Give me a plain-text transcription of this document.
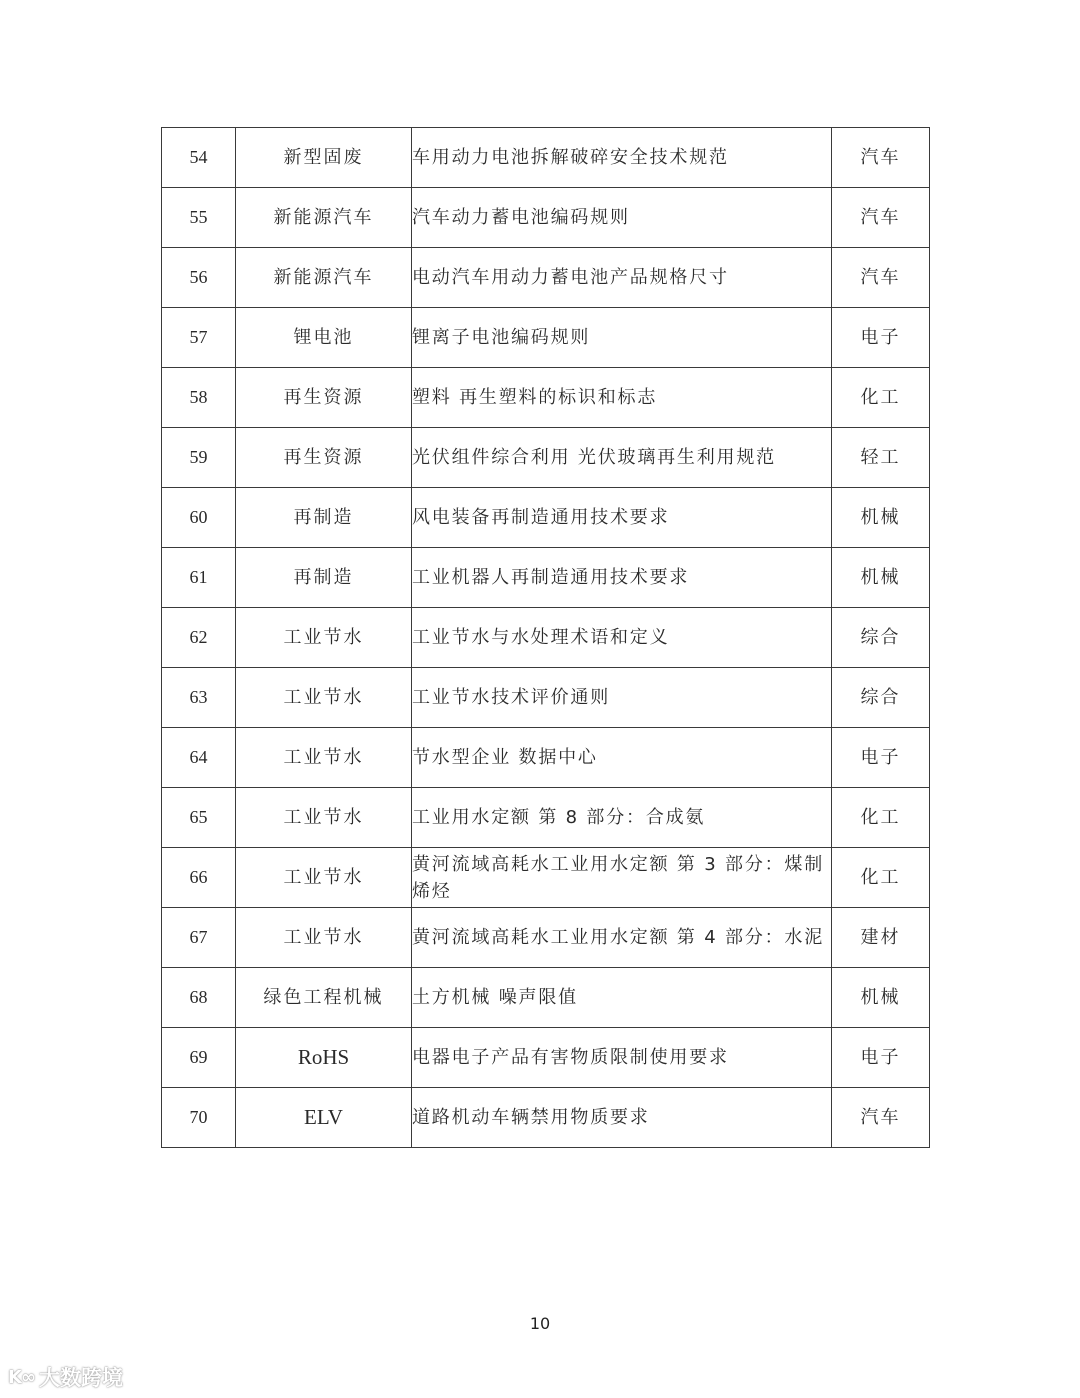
54	新型固废	车用动力电池拆解破碎安全技术规范	汽车
55	新能源汽车	汽车动力蓄电池编码规则	汽车
56	新能源汽车	电动汽车用动力蓄电池产品规格尺寸	汽车
57	锂电池	锂离子电池编码规则	电子
58	再生资源	塑料 再生塑料的标识和标志	化工
59	再生资源	光伏组件综合利用 光伏玻璃再生利用规范	轻工
60	再制造	风电装备再制造通用技术要求	机械
61	再制造	工业机器人再制造通用技术要求	机械
62	工业节水	工业节水与水处理术语和定义	综合
63	工业节水	工业节水技术评价通则	综合
64	工业节水	节水型企业 数据中心	电子
65	工业节水	工业用水定额 第 8 部分：合成氨	化工
66	工业节水	黄河流域高耗水工业用水定额 第 3 部分：煤制烯烃	化工
67	工业节水	黄河流域高耗水工业用水定额 第 4 部分：水泥	建材
68	绿色工程机械	土方机械 噪声限值	机械
69	RoHS	电器电子产品有害物质限制使用要求	电子
70	ELV	道路机动车辆禁用物质要求	汽车
10
K∞ 大数跨境
